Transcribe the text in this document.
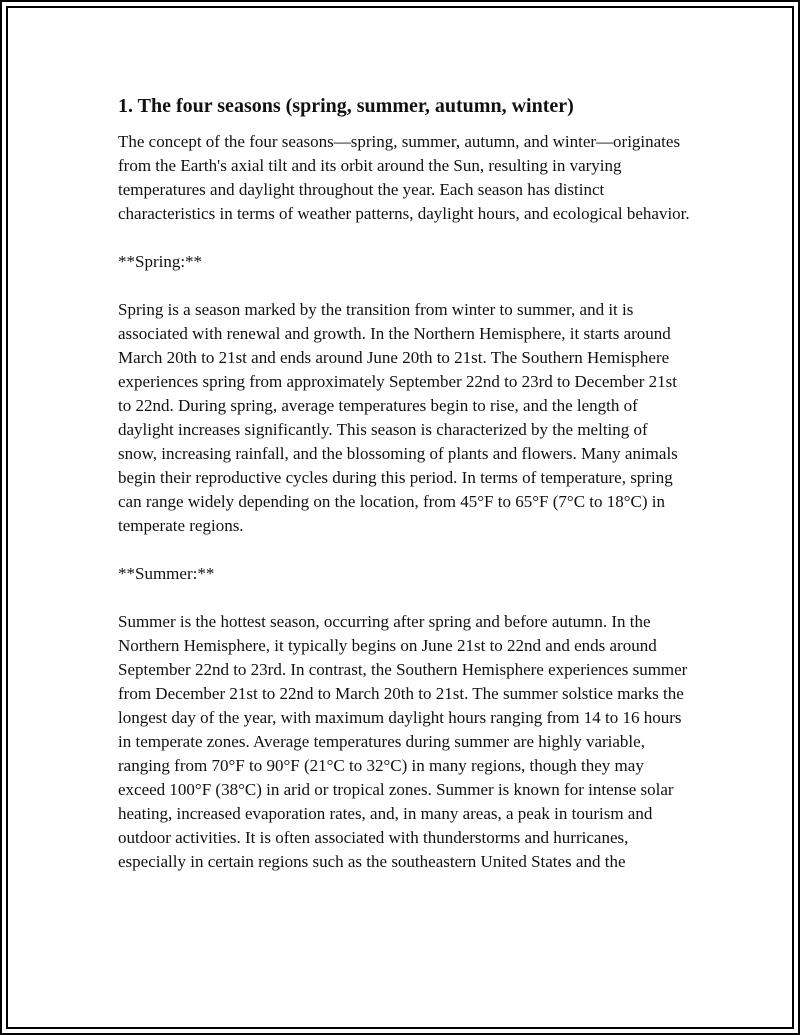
1. The four seasons (spring, summer, autumn, winter)

The concept of the four seasons—spring, summer, autumn, and winter—originates from the Earth's axial tilt and its orbit around the Sun, resulting in varying temperatures and daylight throughout the year. Each season has distinct characteristics in terms of weather patterns, daylight hours, and ecological behavior.

**Spring:**

Spring is a season marked by the transition from winter to summer, and it is associated with renewal and growth. In the Northern Hemisphere, it starts around March 20th to 21st and ends around June 20th to 21st. The Southern Hemisphere experiences spring from approximately September 22nd to 23rd to December 21st to 22nd. During spring, average temperatures begin to rise, and the length of daylight increases significantly. This season is characterized by the melting of snow, increasing rainfall, and the blossoming of plants and flowers. Many animals begin their reproductive cycles during this period. In terms of temperature, spring can range widely depending on the location, from 45°F to 65°F (7°C to 18°C) in temperate regions.

**Summer:**

Summer is the hottest season, occurring after spring and before autumn. In the Northern Hemisphere, it typically begins on June 21st to 22nd and ends around September 22nd to 23rd. In contrast, the Southern Hemisphere experiences summer from December 21st to 22nd to March 20th to 21st. The summer solstice marks the longest day of the year, with maximum daylight hours ranging from 14 to 16 hours in temperate zones. Average temperatures during summer are highly variable, ranging from 70°F to 90°F (21°C to 32°C) in many regions, though they may exceed 100°F (38°C) in arid or tropical zones. Summer is known for intense solar heating, increased evaporation rates, and, in many areas, a peak in tourism and outdoor activities. It is often associated with thunderstorms and hurricanes, especially in certain regions such as the southeastern United States and the
